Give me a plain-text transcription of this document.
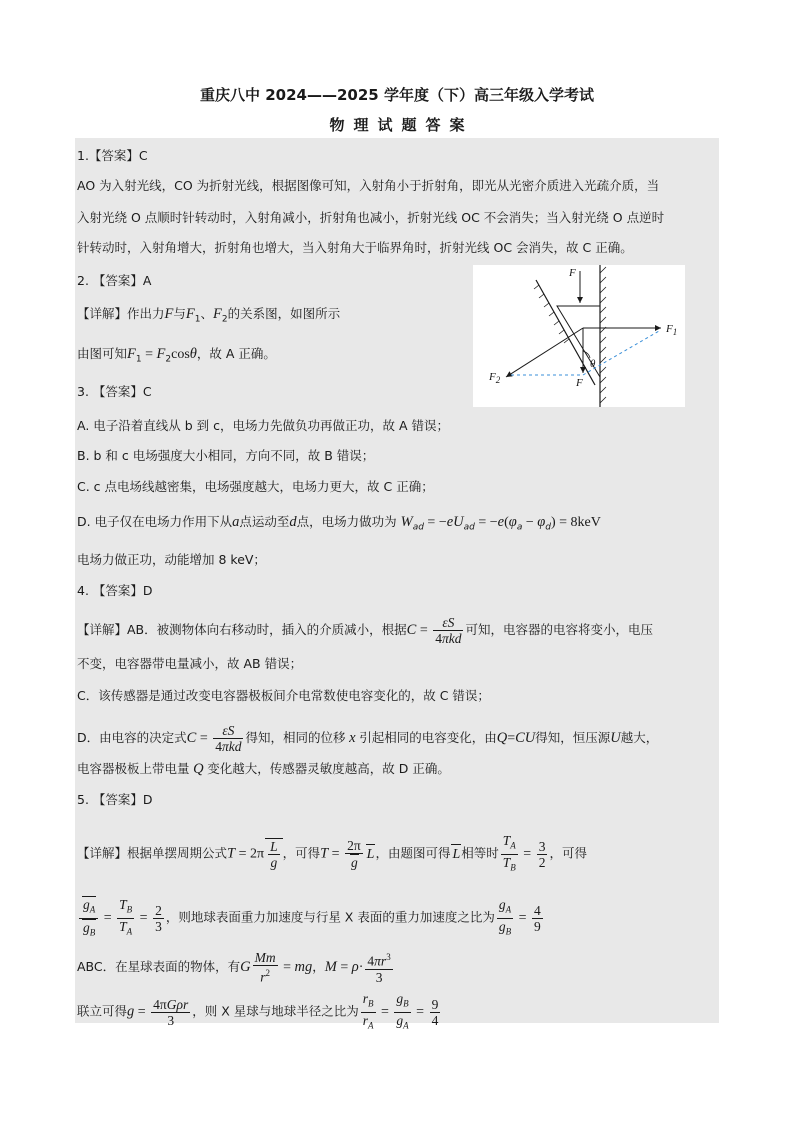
重庆八中 2024——2025 学年度（下）高三年级入学考试
物理试题答案
1.【答案】C
AO 为入射光线，CO 为折射光线，根据图像可知，入射角小于折射角，即光从光密介质进入光疏介质，当
入射光绕 O 点顺时针转动时，入射角减小，折射角也减小，折射光线 OC 不会消失；当入射光绕 O 点逆时
针转动时，入射角增大，折射角也增大，当入射角大于临界角时，折射光线 OC 会消失，故 C 正确。
2. 【答案】A
【详解】作出力F与$F_1$、$F_2$的关系图，如图所示
由图可知$F_1 = F_2\cos\theta$，故 A 正确。
3. 【答案】C
A. 电子沿着直线从 b 到 c，电场力先做负功再做正功，故 A 错误；
B. b 和 c 电场强度大小相同，方向不同，故 B 错误；
C. c 点电场线越密集，电场强度越大，电场力更大，故 C 正确；
D. 电子仅在电场力作用下从a点运动至d点，电场力做功为 $W_{ad} = -eU_{ad} = -e(\varphi_a - \varphi_d) = 8keV$
电场力做正功，动能增加 8 keV；
4. 【答案】D
【详解】AB．被测物体向右移动时，插入的介质减小，根据$C = \frac{\varepsilon S}{\text{4πkd}}$ 可知，电容器的电容将变小，电压
不变，电容器带电量减小，故 AB 错误；
C．该传感器是通过改变电容器极板间介电常数使电容变化的，故 C 错误；
D．由电容的决定式$C = \frac{\varepsilon S}{\text{4πkd}}$ 得知，相同的位移 x 引起相同的电容变化，由Q=CU得知，恒压源U越大，
电容器极板上带电量 Q 变化越大，传感器灵敏度越高，故 D 正确。
5. 【答案】D
【详解】根据单摆周期公式$T = 2\pi \frac{L}{g}$ ，可得$T = \frac{2\pi}{g}$ L，由题图可得 L相等时 $\frac{T_A}{T_B} = \frac{3}{2}$ ，可得
$\frac{g_A}{g_B} = \frac{T_B}{T_A} = \frac{2}{3}$ ，则地球表面重力加速度与行星 X 表面的重力加速度之比为 $\frac{g_A}{g_B} = \frac{4}{9}$
ABC．在星球表面的物体，有G $\frac{Mm}{r^2}$ = mg，$M = \rho\cdot \frac{4\pi r^3}{3}$
联立可得$g = \frac{\text{4πGρr}}{3}$ ，则 X 星球与地球半径之比为 $\frac{r_B}{r_A} = \frac{g_B}{g_A} = \frac{9}{4}$
F
$F_1$
$F_2$
θ
F
